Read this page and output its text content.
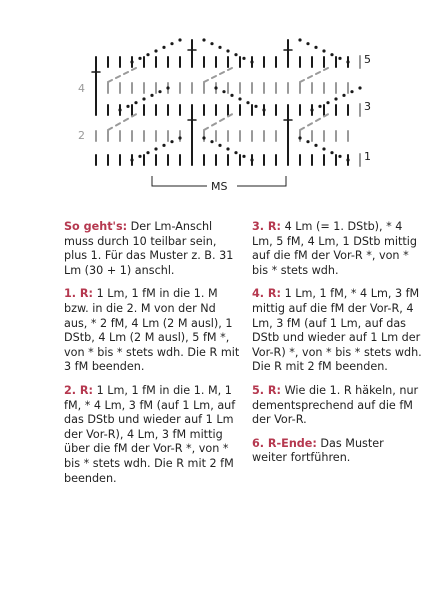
5
4
3
2
1
MS

So geht's: Der Lm-Anschl muss durch 10 teilbar sein, plus 1. Für das Muster z. B. 31 Lm (30 + 1) anschl.

1. R: 1 Lm, 1 fM in die 1. M bzw. in die 2. M von der Nd aus, * 2 fM, 4 Lm (2 M ausl), 1 DStb, 4 Lm (2 M ausl), 5 fM *, von * bis * stets wdh. Die R mit 3 fM beenden.

2. R: 1 Lm, 1 fM in die 1. M, 1 fM, * 4 Lm, 3 fM (auf 1 Lm, auf das DStb und wieder auf 1 Lm der Vor-R), 4 Lm, 3 fM mittig über die fM der Vor-R *, von * bis * stets wdh. Die R mit 2 fM beenden.

3. R: 4 Lm (= 1. DStb), * 4 Lm, 5 fM, 4 Lm, 1 DStb mittig auf die fM der Vor-R *, von * bis * stets wdh.

4. R: 1 Lm, 1 fM, * 4 Lm, 3 fM mittig auf die fM der Vor-R, 4 Lm, 3 fM (auf 1 Lm, auf das DStb und wieder auf 1 Lm der Vor-R) *, von * bis * stets wdh. Die R mit 2 fM beenden.

5. R: Wie die 1. R häkeln, nur dementsprechend auf die fM der Vor-R.

6. R-Ende: Das Muster weiter fortführen.
